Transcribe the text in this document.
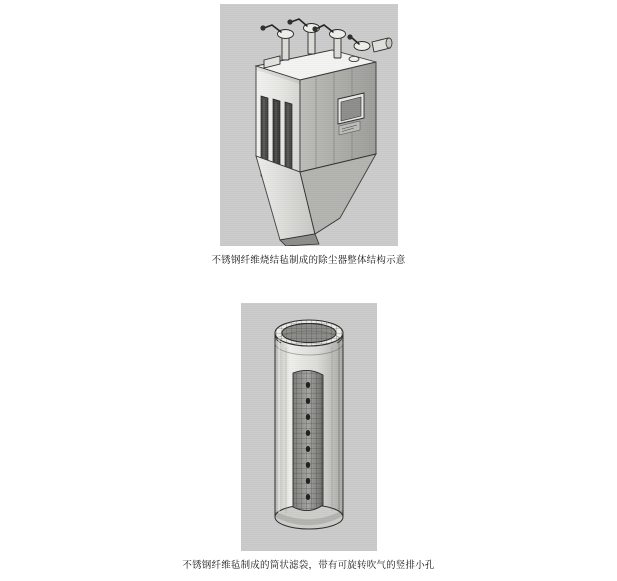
不锈钢纤维烧结毡制成的除尘器整体结构示意
不锈钢纤维毡制成的筒状滤袋，带有可旋转吹气的竖排小孔
